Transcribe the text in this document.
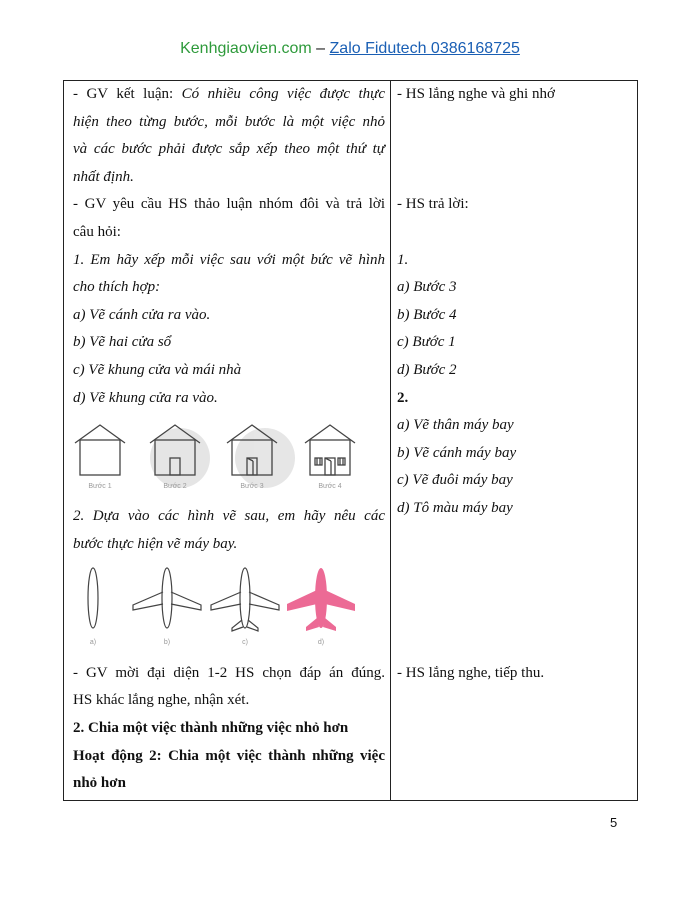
Kenhgiaovien.com – Zalo Fidutech 0386168725
- GV kết luận: Có nhiều công việc được thực
hiện theo từng bước, mỗi bước là một việc nhỏ
và các bước phải được sắp xếp theo một thứ tự
nhất định.
- GV yêu cầu HS thảo luận nhóm đôi và trả lời
câu hỏi:
1. Em hãy xếp mỗi việc sau với một bức vẽ hình
cho thích hợp:
a) Vẽ cánh cửa ra vào.
b) Vẽ hai cửa sổ
c) Vẽ khung cửa và mái nhà
d) Vẽ khung cửa ra vào.
Bước 1	Bước 2	Bước 3	Bước 4
2. Dựa vào các hình vẽ sau, em hãy nêu các
bước thực hiện vẽ máy bay.
a)	b)	c)	d)
- GV mời đại diện 1-2 HS chọn đáp án đúng.
HS khác lắng nghe, nhận xét.
2. Chia một việc thành những việc nhỏ hơn
Hoạt động 2: Chia một việc thành những việc
nhỏ hơn
- HS lắng nghe và ghi nhớ
- HS trả lời:
1.
a) Bước 3
b) Bước 4
c) Bước 1
d) Bước 2
2.
a) Vẽ thân máy bay
b) Vẽ cánh máy bay
c) Vẽ đuôi máy bay
d) Tô màu máy bay
- HS lắng nghe, tiếp thu.
5
